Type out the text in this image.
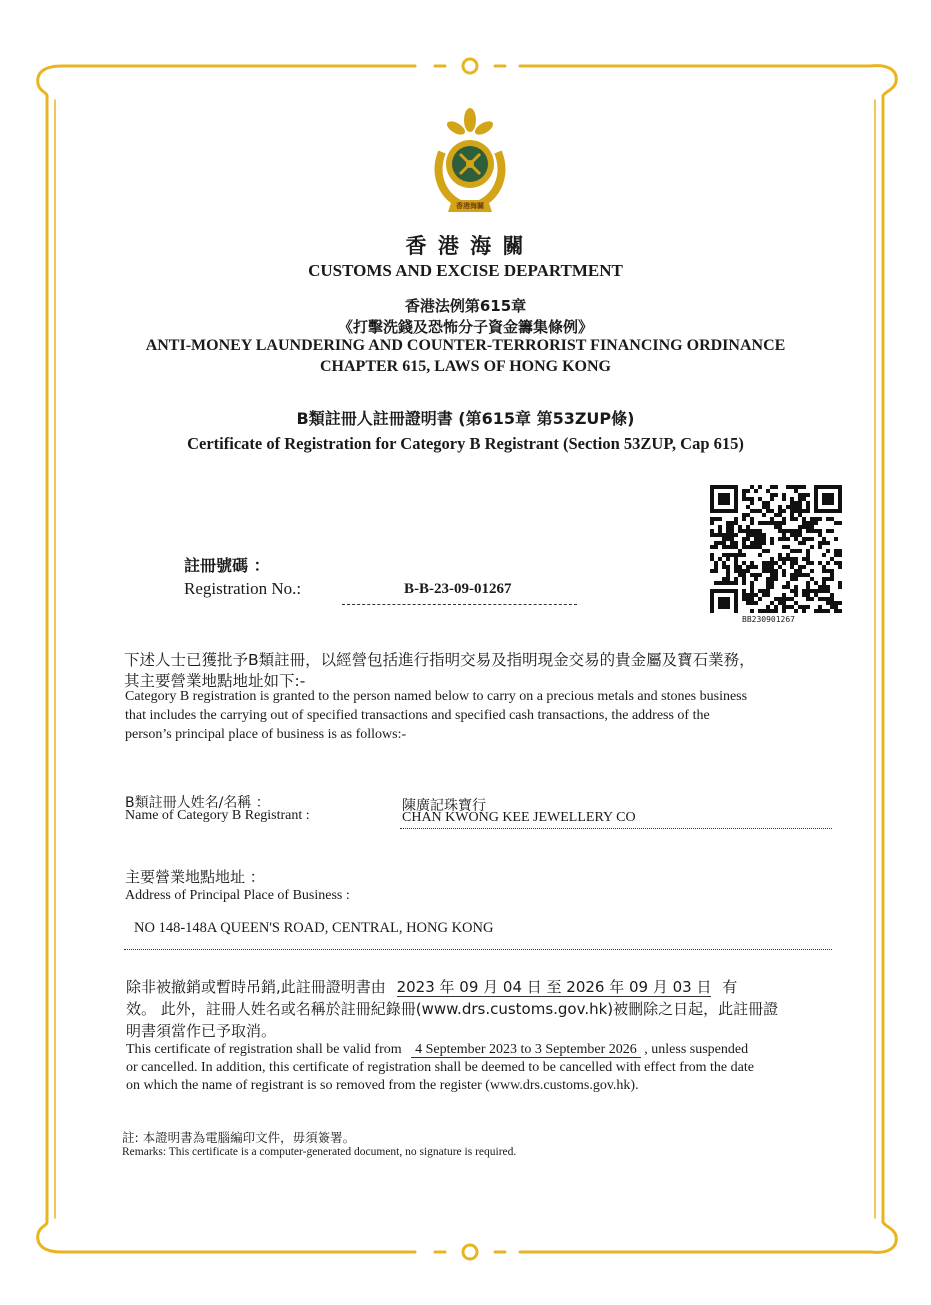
香港海關
香 港 海 關
CUSTOMS AND EXCISE DEPARTMENT
香港法例第615章
《打擊洗錢及恐怖分子資金籌集條例》
ANTI-MONEY LAUNDERING AND COUNTER-TERRORIST FINANCING ORDINANCE
CHAPTER 615, LAWS OF HONG KONG
B類註冊人註冊證明書 (第615章 第53ZUP條)
Certificate of Registration for Category B Registrant (Section 53ZUP, Cap 615)
BB230901267
註冊號碼 ：
Registration No.:	B-B-23-09-01267
下述人士已獲批予B類註冊，以經營包括進行指明交易及指明現金交易的貴金屬及寶石業務，
其主要營業地點地址如下:-
Category B registration is granted to the person named below to carry on a precious metals and stones business
that includes the carrying out of specified transactions and specified cash transactions, the address of the
person’s principal place of business is as follows:-
B類註冊人姓名/名稱 ：
Name of Category B Registrant :
陳廣記珠寶行
CHAN KWONG KEE JEWELLERY CO
主要營業地點地址 ：
Address of Principal Place of Business :
NO 148-148A QUEEN'S ROAD, CENTRAL, HONG KONG
除非被撤銷或暫時吊銷,此註冊證明書由 2023 年 09 月 04 日 至 2026 年 09 月 03 日 有
效。 此外，註冊人姓名或名稱於註冊紀錄冊(www.drs.customs.gov.hk)被刪除之日起，此註冊證
明書須當作已予取消。
This certificate of registration shall be valid from 4 September 2023 to 3 September 2026 , unless suspended
or cancelled. In addition, this certificate of registration shall be deemed to be cancelled with effect from the date
on which the name of registrant is so removed from the register (www.drs.customs.gov.hk).
註: 本證明書為電腦編印文件，毋須簽署。
Remarks: This certificate is a computer-generated document, no signature is required.
